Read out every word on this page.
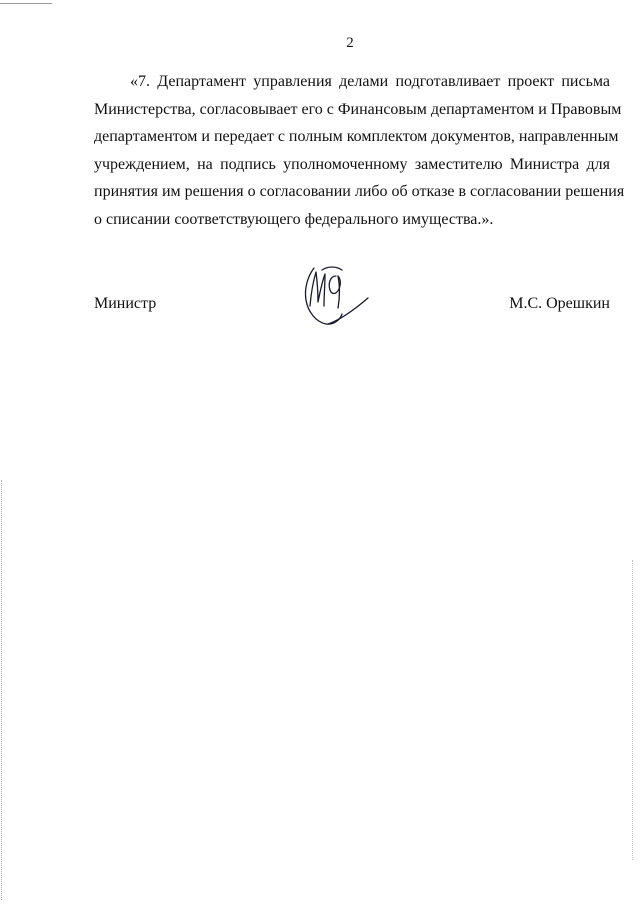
2
«7. Департамент управления делами подготавливает проект письма
Министерства, согласовывает его с Финансовым департаментом и Правовым
департаментом и передает с полным комплектом документов, направленным
учреждением, на подпись уполномоченному заместителю Министра для
принятия им решения о согласовании либо об отказе в согласовании решения
о списании соответствующего федерального имущества.».
Министр	М.С. Орешкин
